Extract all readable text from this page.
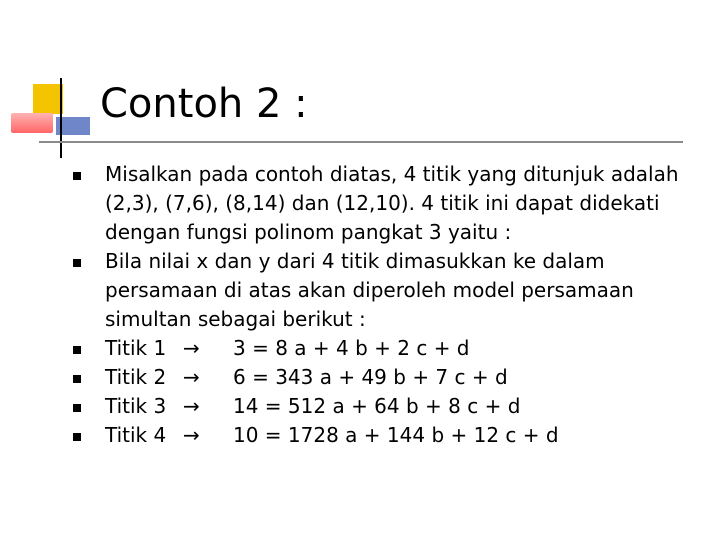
Contoh 2 :
Misalkan pada contoh diatas, 4 titik yang ditunjuk adalah (2,3), (7,6), (8,14) dan (12,10). 4 titik ini dapat didekati dengan fungsi polinom pangkat 3 yaitu :
Bila nilai x dan y dari 4 titik dimasukkan ke dalam persamaan di atas akan diperoleh model persamaan simultan sebagai berikut :
Titik 1 →	3 = 8 a + 4 b + 2 c + d
Titik 2 →	6 = 343 a + 49 b + 7 c + d
Titik 3 →	14 = 512 a + 64 b + 8 c + d
Titik 4 →	10 = 1728 a + 144 b + 12 c + d
